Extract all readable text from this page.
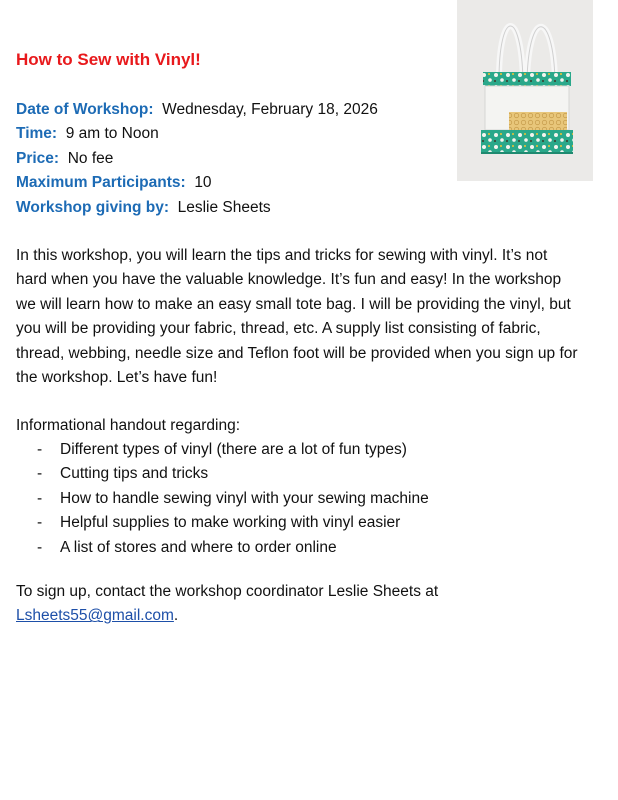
How to Sew with Vinyl!
Date of Workshop: Wednesday, February 18, 2026
Time: 9 am to Noon
Price: No fee
Maximum Participants: 10
Workshop giving by: Leslie Sheets

In this workshop, you will learn the tips and tricks for sewing with vinyl. It’s not
hard when you have the valuable knowledge. It’s fun and easy! In the workshop
we will learn how to make an easy small tote bag. I will be providing the vinyl, but
you will be providing your fabric, thread, etc. A supply list consisting of fabric,
thread, webbing, needle size and Teflon foot will be provided when you sign up for
the workshop. Let’s have fun!

Informational handout regarding:

- Different types of vinyl (there are a lot of fun types)
- Cutting tips and tricks
- How to handle sewing vinyl with your sewing machine
- Helpful supplies to make working with vinyl easier
- A list of stores and where to order online

To sign up, contact the workshop coordinator Leslie Sheets at
Lsheets55@gmail.com.
